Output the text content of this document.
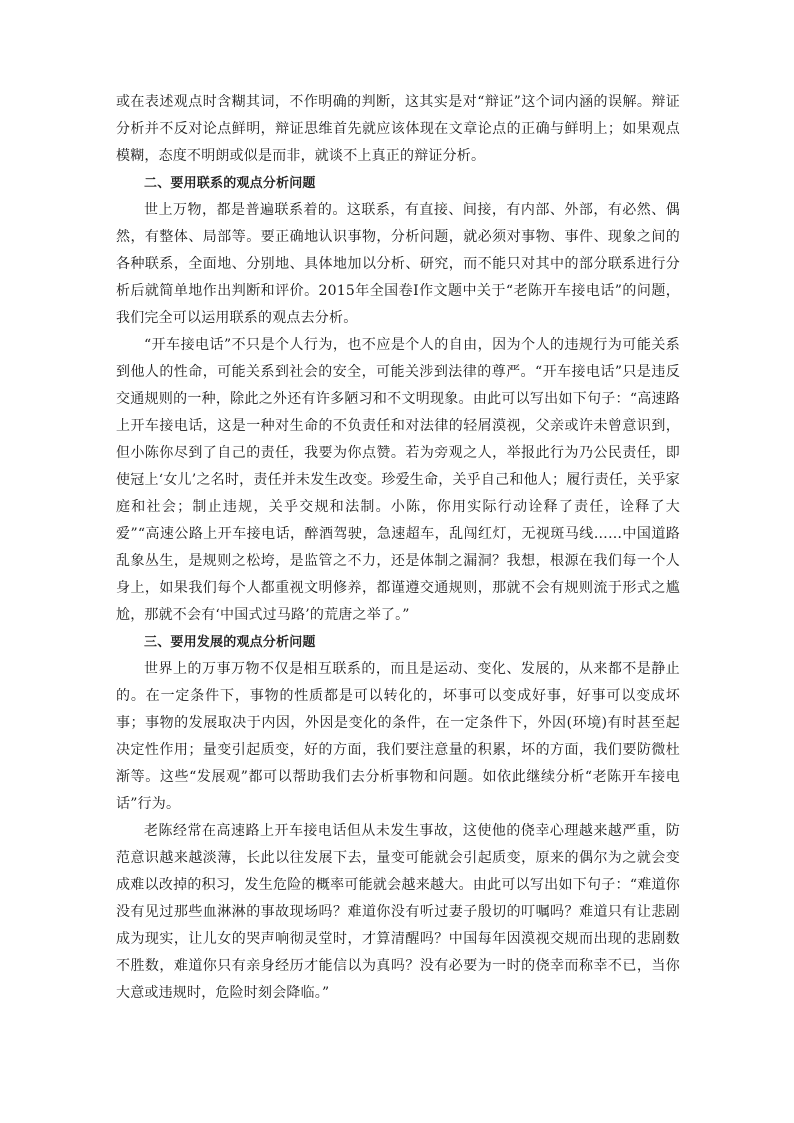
或在表述观点时含糊其词，不作明确的判断，这其实是对“辩证”这个词内涵的误解。辩证分析并不反对论点鲜明，辩证思维首先就应该体现在文章论点的正确与鲜明上；如果观点模糊，态度不明朗或似是而非，就谈不上真正的辩证分析。

二、要用联系的观点分析问题

世上万物，都是普遍联系着的。这联系，有直接、间接，有内部、外部，有必然、偶然，有整体、局部等。要正确地认识事物，分析问题，就必须对事物、事件、现象之间的各种联系，全面地、分别地、具体地加以分析、研究，而不能只对其中的部分联系进行分析后就简单地作出判断和评价。2015年全国卷Ⅰ作文题中关于“老陈开车接电话”的问题，我们完全可以运用联系的观点去分析。

“开车接电话”不只是个人行为，也不应是个人的自由，因为个人的违规行为可能关系到他人的性命，可能关系到社会的安全，可能关涉到法律的尊严。“开车接电话”只是违反交通规则的一种，除此之外还有许多陋习和不文明现象。由此可以写出如下句子：“高速路上开车接电话，这是一种对生命的不负责任和对法律的轻屑漠视，父亲或许未曾意识到，但小陈你尽到了自己的责任，我要为你点赞。若为旁观之人，举报此行为乃公民责任，即使冠上‘女儿’之名时，责任并未发生改变。珍爱生命，关乎自己和他人；履行责任，关乎家庭和社会；制止违规，关乎交规和法制。小陈，你用实际行动诠释了责任，诠释了大爱”“高速公路上开车接电话，醉酒驾驶，急速超车，乱闯红灯，无视斑马线……中国道路乱象丛生，是规则之松垮，是监管之不力，还是体制之漏洞？我想，根源在我们每一个人身上，如果我们每个人都重视文明修养，都谨遵交通规则，那就不会有规则流于形式之尴尬，那就不会有‘中国式过马路’的荒唐之举了。”

三、要用发展的观点分析问题

世界上的万事万物不仅是相互联系的，而且是运动、变化、发展的，从来都不是静止的。在一定条件下，事物的性质都是可以转化的，坏事可以变成好事，好事可以变成坏事；事物的发展取决于内因，外因是变化的条件，在一定条件下，外因(环境)有时甚至起决定性作用；量变引起质变，好的方面，我们要注意量的积累，坏的方面，我们要防微杜渐等。这些“发展观”都可以帮助我们去分析事物和问题。如依此继续分析“老陈开车接电话”行为。

老陈经常在高速路上开车接电话但从未发生事故，这使他的侥幸心理越来越严重，防范意识越来越淡薄，长此以往发展下去，量变可能就会引起质变，原来的偶尔为之就会变成难以改掉的积习，发生危险的概率可能就会越来越大。由此可以写出如下句子：“难道你没有见过那些血淋淋的事故现场吗？难道你没有听过妻子殷切的叮嘱吗？难道只有让悲剧成为现实，让儿女的哭声响彻灵堂时，才算清醒吗？中国每年因漠视交规而出现的悲剧数不胜数，难道你只有亲身经历才能信以为真吗？没有必要为一时的侥幸而称幸不已，当你大意或违规时，危险时刻会降临。”
